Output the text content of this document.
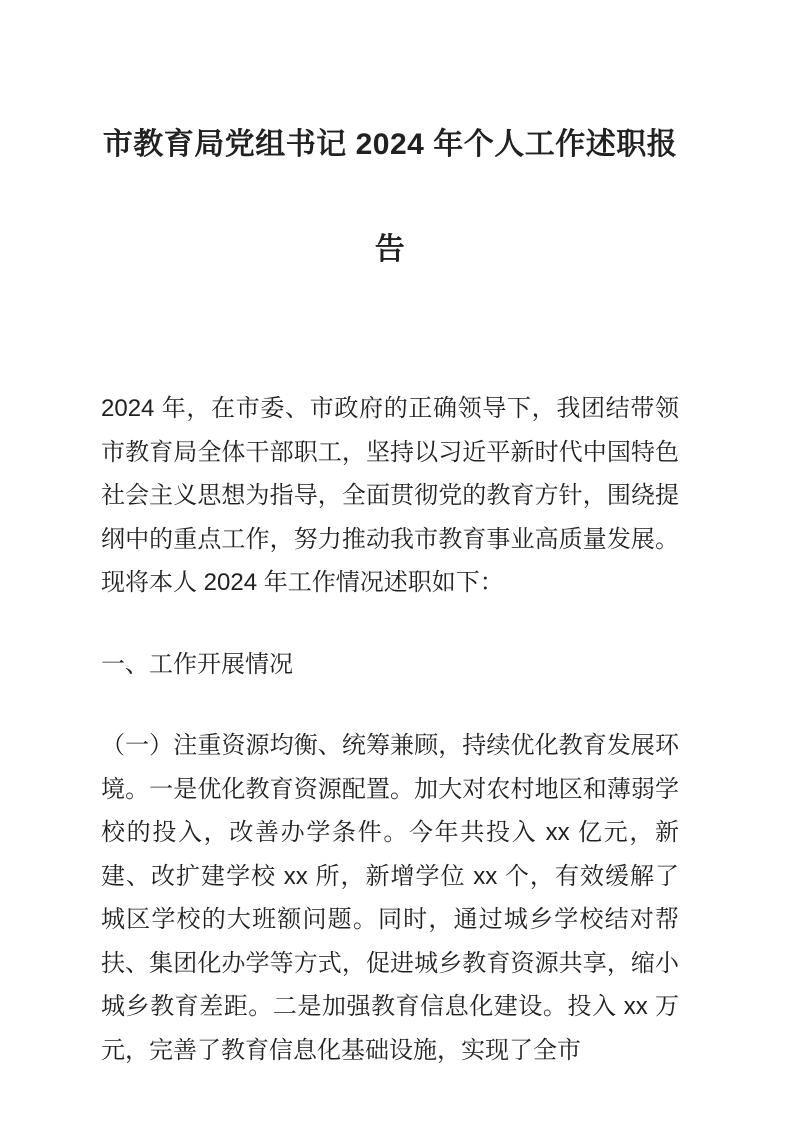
市教育局党组书记 2024 年个人工作述职报告

2024 年，在市委、市政府的正确领导下，我团结带领市教育局全体干部职工，坚持以习近平新时代中国特色社会主义思想为指导，全面贯彻党的教育方针，围绕提纲中的重点工作，努力推动我市教育事业高质量发展。现将本人 2024 年工作情况述职如下：

一、工作开展情况

（一）注重资源均衡、统筹兼顾，持续优化教育发展环境。一是优化教育资源配置。加大对农村地区和薄弱学校的投入，改善办学条件。今年共投入 xx 亿元，新建、改扩建学校 xx 所，新增学位 xx 个，有效缓解了城区学校的大班额问题。同时，通过城乡学校结对帮扶、集团化办学等方式，促进城乡教育资源共享，缩小城乡教育差距。二是加强教育信息化建设。投入 xx 万元，完善了教育信息化基础设施，实现了全市
